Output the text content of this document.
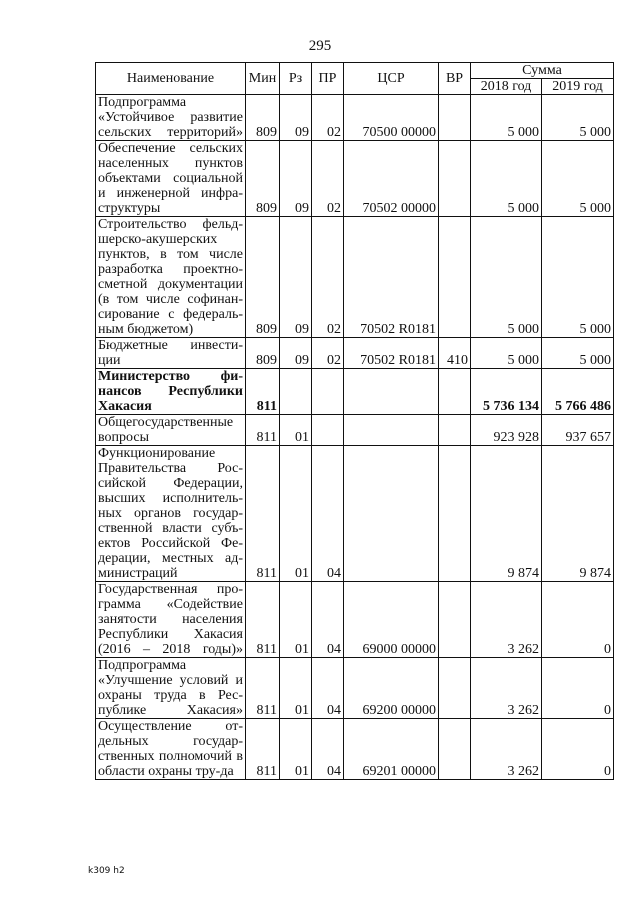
295
Наименование	Мин	Рз	ПР	ЦСР	ВР	Сумма	
						2018 год	2019 год
Подпрограмма «Устойчивое развитие сельских территорий»	809	09	02	70500 00000		5 000	5 000
Обеспечение сельских населенных пунктов объектами социальной и инженерной инфра-структуры	809	09	02	70502 00000		5 000	5 000
Строительство фельд-шерско-акушерских пунктов, в том числе разработка проектно-сметной документации (в том числе софинан-сирование с федераль-ным бюджетом)	809	09	02	70502 R0181		5 000	5 000
Бюджетные инвести-ции	809	09	02	70502 R0181	410	5 000	5 000
Министерство фи-нансов Республики Хакасия	811					5 736 134	5 766 486
Общегосударственные вопросы	811	01				923 928	937 657
Функционирование Правительства Рос-сийской Федерации, высших исполнитель-ных органов государ-ственной власти субъ-ектов Российской Фе-дерации, местных ад-министраций	811	01	04			9 874	9 874
Государственная про-грамма «Содействие занятости населения Республики Хакасия (2016 – 2018 годы)»	811	01	04	69000 00000		3 262	0
Подпрограмма «Улучшение условий и охраны труда в Рес-публике Хакасия»	811	01	04	69200 00000		3 262	0
Осуществление от-дельных государ-ственных полномочий в области охраны тру-да	811	01	04	69201 00000		3 262	0
k309 h2
